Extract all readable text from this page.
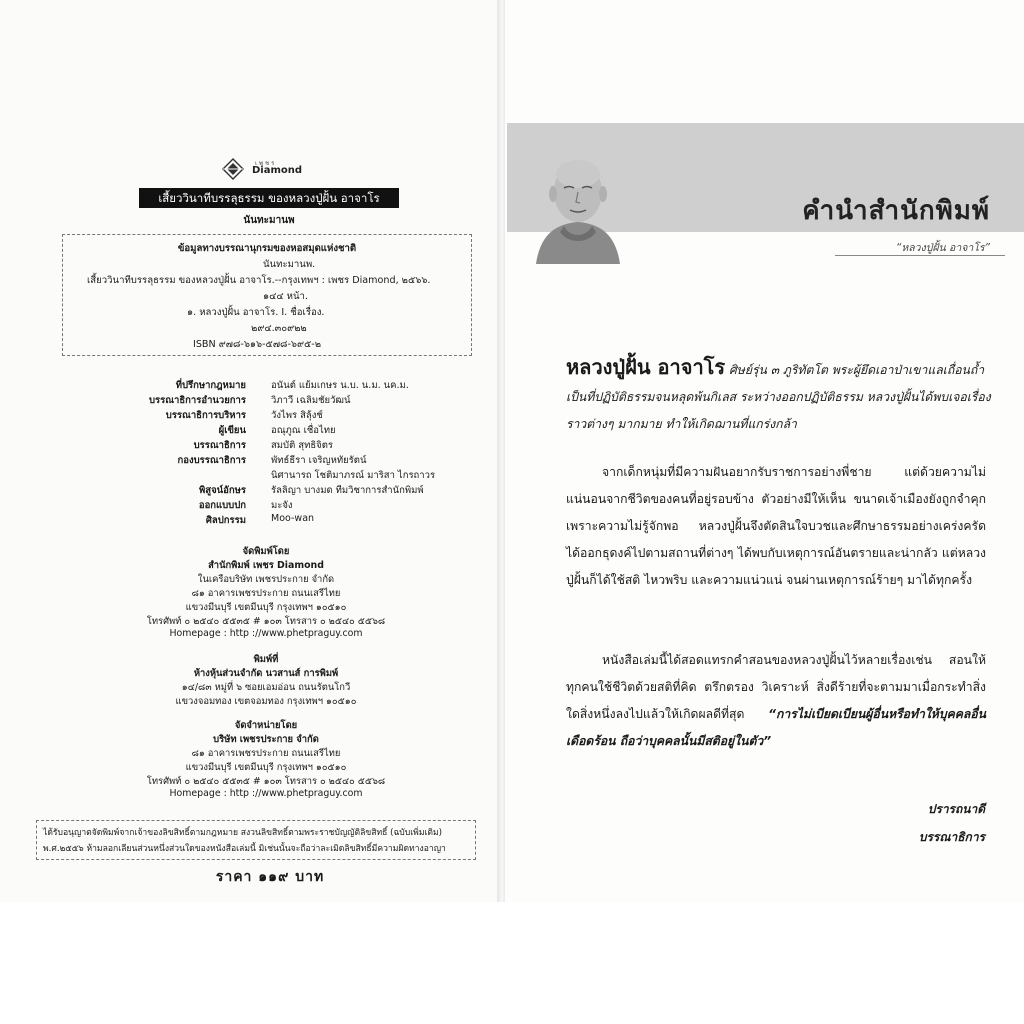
เพชร
Diamond
เสี้ยววินาทีบรรลุธรรม ของหลวงปู่ฝั้น อาจาโร
นันทะมานพ
ข้อมูลทางบรรณานุกรมของหอสมุดแห่งชาติ
นันทะมานพ.
เสี้ยววินาทีบรรลุธรรม ของหลวงปู่ฝั้น อาจาโร.--กรุงเทพฯ : เพชร Diamond, ๒๕๖๖.
๑๔๔ หน้า.
๑. หลวงปู่ฝั้น อาจาโร. I. ชื่อเรื่อง.
๒๙๔.๓๐๙๒๒
ISBN ๙๗๘-๖๑๖-๕๗๘-๖๙๕-๒
ที่ปรึกษากฎหมาย	อนันต์ แย้มเกษร น.บ. น.ม. นค.ม.
บรรณาธิการอำนวยการ	วิภาวี เฉลิมชัยวัฒน์
บรรณาธิการบริหาร	วังไพร สิลุ้งช์
ผู้เขียน	อณุภูณ เชื่อไทย
บรรณาธิการ	สมบัติ สุทธิจิตร
กองบรรณาธิการ	พัทธ์ธีรา เจริญหทัยรัตน์
นิศานารถ โชติมาภรณ์ มาริสา ไกรถาวร
พิสูจน์อักษร	รัลลิญา บางมด ทีมวิชาการสำนักพิมพ์
ออกแบบปก	มะจัง
ศิลปกรรม	Moo-wan
จัดพิมพ์โดย
สำนักพิมพ์ เพชร Diamond
ในเครือบริษัท เพชรประกาย จำกัด
๘๑ อาคารเพชรประกาย ถนนเสรีไทย
แขวงมีนบุรี เขตมีนบุรี กรุงเทพฯ ๑๐๕๑๐
โทรศัพท์ ๐ ๒๕๔๐ ๕๕๓๕ # ๑๐๓ โทรสาร ๐ ๒๕๔๐ ๕๕๖๘
Homepage : http ://www.phetpraguy.com
พิมพ์ที่
ห้างหุ้นส่วนจำกัด นวสานส์ การพิมพ์
๑๔/๘๓ หมู่ที่ ๖ ซอยเอมอ่อน ถนนรัตนโกวี
แขวงจอมทอง เขตจอมทอง กรุงเทพฯ ๑๐๕๑๐
จัดจำหน่ายโดย
บริษัท เพชรประกาย จำกัด
๘๑ อาคารเพชรประกาย ถนนเสรีไทย
แขวงมีนบุรี เขตมีนบุรี กรุงเทพฯ ๑๐๕๑๐
โทรศัพท์ ๐ ๒๕๔๐ ๕๕๓๕ # ๑๐๓ โทรสาร ๐ ๒๕๔๐ ๕๕๖๘
Homepage : http ://www.phetpraguy.com
ได้รับอนุญาตจัดพิมพ์จากเจ้าของลิขสิทธิ์ตามกฎหมาย สงวนลิขสิทธิ์ตามพระราชบัญญัติลิขสิทธิ์ (ฉบับเพิ่มเติม)
พ.ศ.๒๕๕๖ ห้ามลอกเลียนส่วนหนึ่งส่วนใดของหนังสือเล่มนี้ มิเช่นนั้นจะถือว่าละเมิดลิขสิทธิ์มีความผิดทางอาญา
ราคา ๑๑๙ บาท
คำนำสำนักพิมพ์
“หลวงปู่ฝั้น อาจาโร”
หลวงปู่ฝั้น อาจาโร ศิษย์รุ่น ๓ ภูริทัตโต พระผู้ยึดเอาป่าเขาแลเถื่อนถ้ำเป็นที่ปฏิบัติธรรมจนหลุดพ้นกิเลส ระหว่างออกปฏิบัติธรรม หลวงปู่ฝั้นได้พบเจอเรื่องราวต่างๆ มากมาย ทำให้เกิดฌานที่แกร่งกล้า
จากเด็กหนุ่มที่มีความฝันอยากรับราชการอย่างพี่ชาย แต่ด้วยความไม่แน่นอนจากชีวิตของคนที่อยู่รอบข้าง ตัวอย่างมีให้เห็น ขนาดเจ้าเมืองยังถูกจำคุกเพราะความไม่รู้จักพอ หลวงปู่ฝั้นจึงตัดสินใจบวชและศึกษาธรรมอย่างเคร่งครัด ได้ออกธุดงค์ไปตามสถานที่ต่างๆ ได้พบกับเหตุการณ์อันตรายและน่ากลัว แต่หลวงปู่ฝั้นก็ได้ใช้สติ ไหวพริบ และความแน่วแน่ จนผ่านเหตุการณ์ร้ายๆ มาได้ทุกครั้ง
หนังสือเล่มนี้ได้สอดแทรกคำสอนของหลวงปู่ฝั้นไว้หลายเรื่องเช่น สอนให้ทุกคนใช้ชีวิตด้วยสติที่คิด ตรึกตรอง วิเคราะห์ สิ่งดีร้ายที่จะตามมาเมื่อกระทำสิ่งใดสิ่งหนึ่งลงไปแล้วให้เกิดผลดีที่สุด “การไม่เบียดเบียนผู้อื่นหรือทำให้บุคคลอื่นเดือดร้อน ถือว่าบุคคลนั้นมีสติอยู่ในตัว”
ปรารถนาดี
บรรณาธิการ
